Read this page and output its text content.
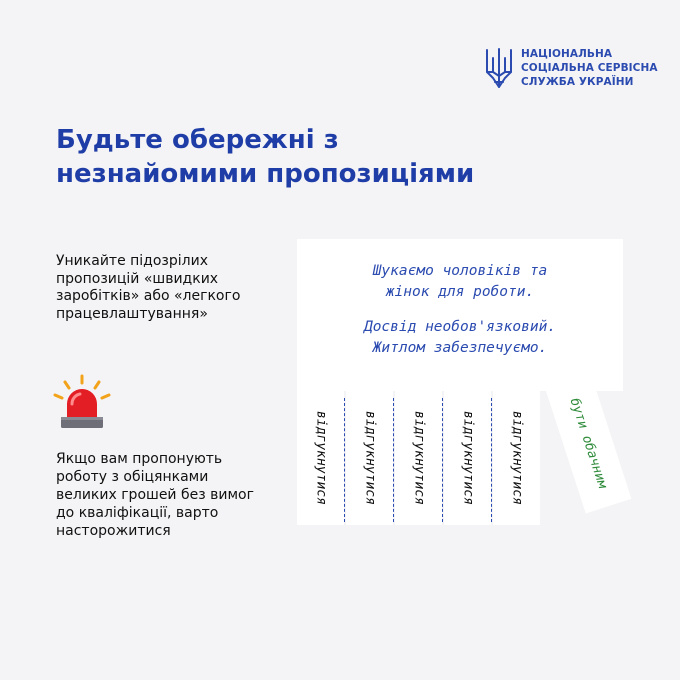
НАЦІОНАЛЬНА
СОЦІАЛЬНА СЕРВІСНА
СЛУЖБА УКРАЇНИ
Будьте обережні з
незнайомими пропозиціями
Уникайте підозрілих пропозицій «швидких заробітків» або «легкого працевлаштування»
Якщо вам пропонують роботу з обіцянками великих грошей без вимог до кваліфікації, варто насторожитися
Шукаємо чоловіків та
жінок для роботи.
Досвід необов'язковий.
Житлом забезпечуємо.
відгукнутися	відгукнутися	відгукнутися	відгукнутися	відгукнутися	бути обачним
